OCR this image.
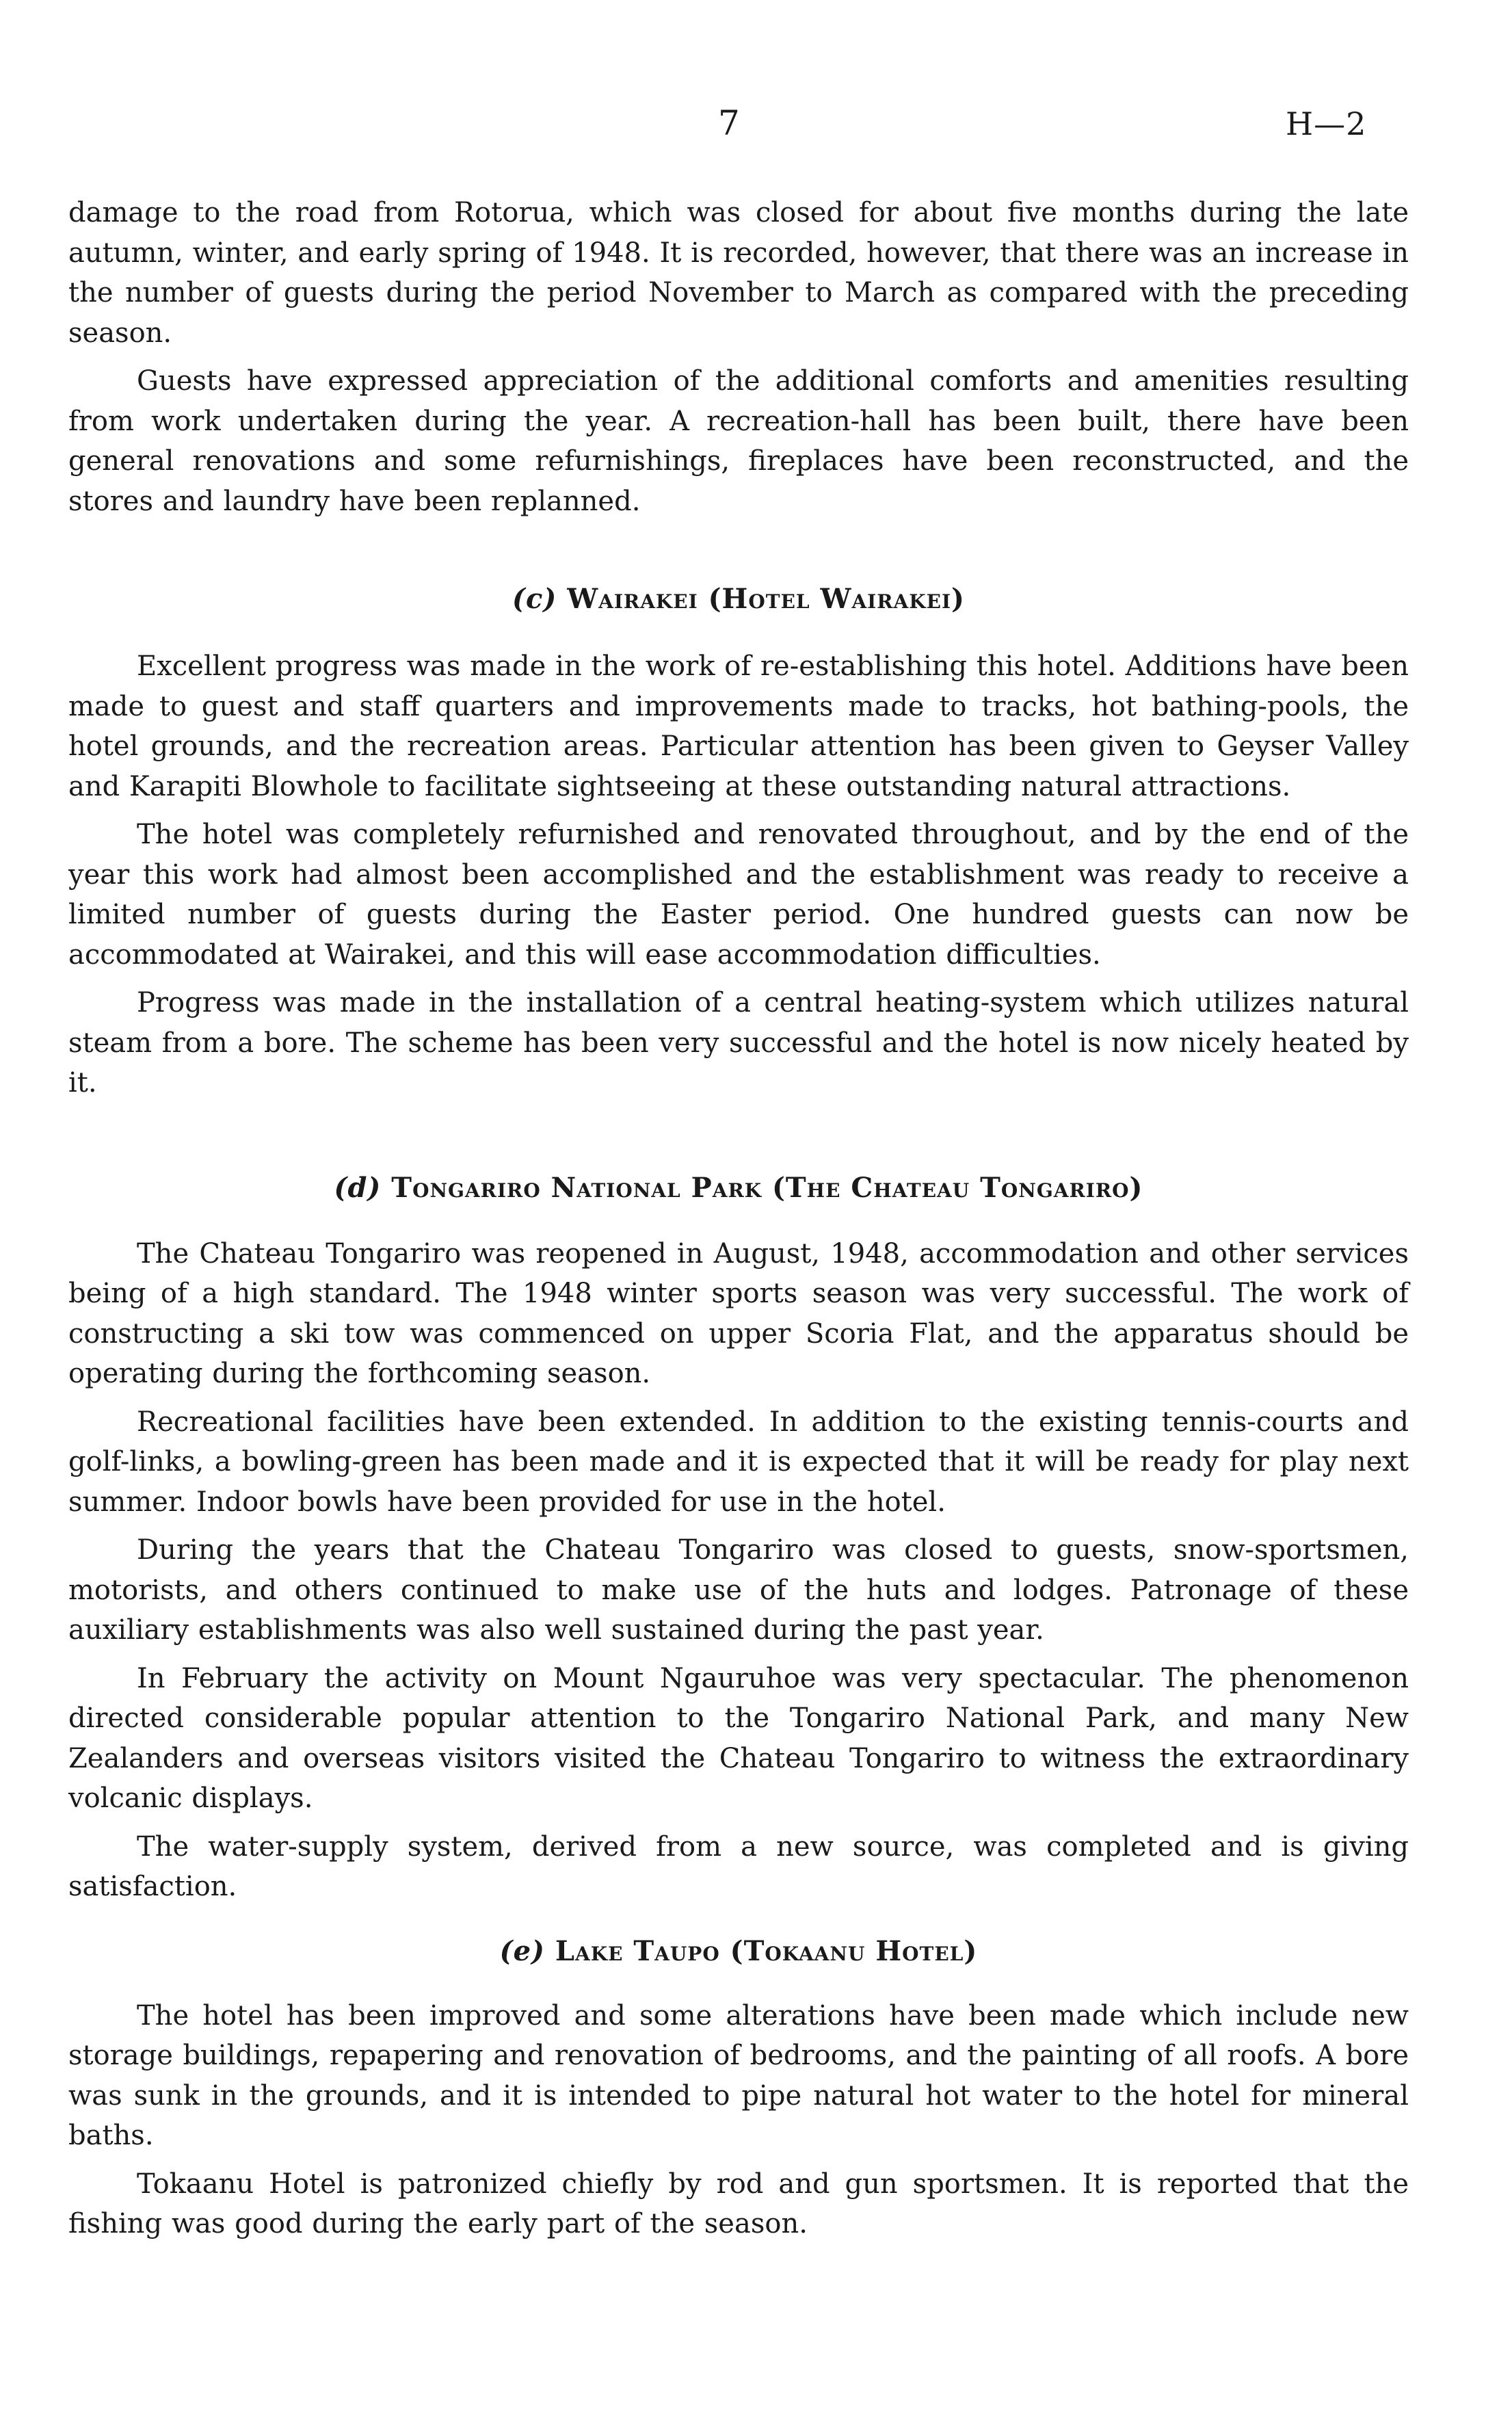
7	H—2

damage to the road from Rotorua, which was closed for about five months during the late autumn, winter, and early spring of 1948. It is recorded, however, that there was an increase in the number of guests during the period November to March as compared with the preceding season.

Guests have expressed appreciation of the additional comforts and amenities resulting from work undertaken during the year. A recreation-hall has been built, there have been general renovations and some refurnishings, fireplaces have been reconstructed, and the stores and laundry have been replanned.

(c) Wairakei (Hotel Wairakei)

Excellent progress was made in the work of re-establishing this hotel. Additions have been made to guest and staff quarters and improvements made to tracks, hot bathing-pools, the hotel grounds, and the recreation areas. Particular attention has been given to Geyser Valley and Karapiti Blowhole to facilitate sightseeing at these outstanding natural attractions.

The hotel was completely refurnished and renovated throughout, and by the end of the year this work had almost been accomplished and the establishment was ready to receive a limited number of guests during the Easter period. One hundred guests can now be accommodated at Wairakei, and this will ease accommodation difficulties.

Progress was made in the installation of a central heating-system which utilizes natural steam from a bore. The scheme has been very successful and the hotel is now nicely heated by it.

(d) Tongariro National Park (The Chateau Tongariro)

The Chateau Tongariro was reopened in August, 1948, accommodation and other services being of a high standard. The 1948 winter sports season was very successful. The work of constructing a ski tow was commenced on upper Scoria Flat, and the apparatus should be operating during the forthcoming season.

Recreational facilities have been extended. In addition to the existing tennis-courts and golf-links, a bowling-green has been made and it is expected that it will be ready for play next summer. Indoor bowls have been provided for use in the hotel.

During the years that the Chateau Tongariro was closed to guests, snow-sportsmen, motorists, and others continued to make use of the huts and lodges. Patronage of these auxiliary establishments was also well sustained during the past year.

In February the activity on Mount Ngauruhoe was very spectacular. The phenomenon directed considerable popular attention to the Tongariro National Park, and many New Zealanders and overseas visitors visited the Chateau Tongariro to witness the extraordinary volcanic displays.

The water-supply system, derived from a new source, was completed and is giving satisfaction.

(e) Lake Taupo (Tokaanu Hotel)

The hotel has been improved and some alterations have been made which include new storage buildings, repapering and renovation of bedrooms, and the painting of all roofs. A bore was sunk in the grounds, and it is intended to pipe natural hot water to the hotel for mineral baths.

Tokaanu Hotel is patronized chiefly by rod and gun sportsmen. It is reported that the fishing was good during the early part of the season.
